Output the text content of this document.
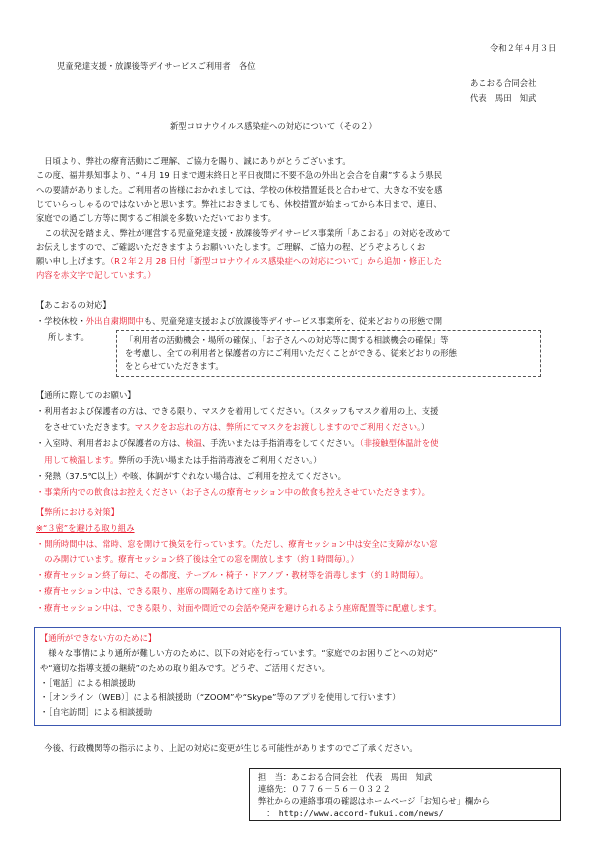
令和２年４月３日
児童発達支援・放課後等デイサービスご利用者　各位
あこおる合同会社
代表　馬田　知武
新型コロナウイルス感染症への対応について（その２）
　日頃より、弊社の療育活動にご理解、ご協力を賜り、誠にありがとうございます。
この度、福井県知事より、“４月 19 日まで週末終日と平日夜間に不要不急の外出と会合を自粛”するよう県民
への要請がありました。ご利用者の皆様におかれましては、学校の休校措置延長と合わせて、大きな不安を感
じていらっしゃるのではないかと思います。弊社におきましても、休校措置が始まってから本日まで、連日、
家庭での過ごし方等に関するご相談を多数いただいております。
　この状況を踏まえ、弊社が運営する児童発達支援・放課後等デイサービス事業所「あこおる」の対応を改めて
お伝えしますので、ご確認いただきますようお願いいたします。ご理解、ご協力の程、どうぞよろしくお
願い申し上げます。（R２年２月 28 日付「新型コロナウイルス感染症への対応について」から追加・修正した
内容を赤文字で記しています。）
【あこおるの対応】
・学校休校・外出自粛期間中も、児童発達支援および放課後等デイサービス事業所を、従来どおりの形態で開
所します。	「利用者の活動機会・場所の確保」、「お子さんへの対応等に関する相談機会の確保」等
を考慮し、全ての利用者と保護者の方にご利用いただくことができる、従来どおりの形態
をとらせていただきます。
【通所に際してのお願い】
・利用者および保護者の方は、できる限り、マスクを着用してください。（スタッフもマスク着用の上、支援
　をさせていただきます。マスクをお忘れの方は、弊所にてマスクをお渡ししますのでご利用ください。）
・入室時、利用者および保護者の方は、検温、手洗いまたは手指消毒をしてください。（非接触型体温計を使
　用して検温します。弊所の手洗い場または手指消毒液をご利用ください。）
・発熱（37.5℃以上）や咳、体調がすぐれない場合は、ご利用を控えてください。
・事業所内での飲食はお控えください（お子さんの療育セッション中の飲食も控えさせていただきます）。
【弊所における対策】
※“３密”を避ける取り組み
・開所時間中は、常時、窓を開けて換気を行っています。（ただし、療育セッション中は安全に支障がない窓
　のみ開けています。療育セッション終了後は全ての窓を開放します（約１時間毎）。）
・療育セッション終了毎に、その都度、テーブル・椅子・ドアノブ・教材等を消毒します（約１時間毎）。
・療育セッション中は、できる限り、座席の間隔をあけて座ります。
・療育セッション中は、できる限り、対面や間近での会話や発声を避けられるよう座席配置等に配慮します。
【通所ができない方のために】
　様々な事情により通所が難しい方のために、以下の対応を行っています。“家庭でのお困りごとへの対応”
や“適切な指導支援の継続”のための取り組みです。どうぞ、ご活用ください。
・［電話］による相談援助
・［オンライン（WEB）］による相談援助（“ZOOM”や“Skype”等のアプリを使用して行います）
・［自宅訪問］による相談援助
　今後、行政機関等の指示により、上記の対応に変更が生じる可能性がありますのでご了承ください。
担　当：あこおる合同会社　代表　馬田　知武
連絡先：０７７６－５６－０３２２
弊社からの連絡事項の確認はホームページ「お知らせ」欄から
　：　http://www.accord-fukui.com/news/
